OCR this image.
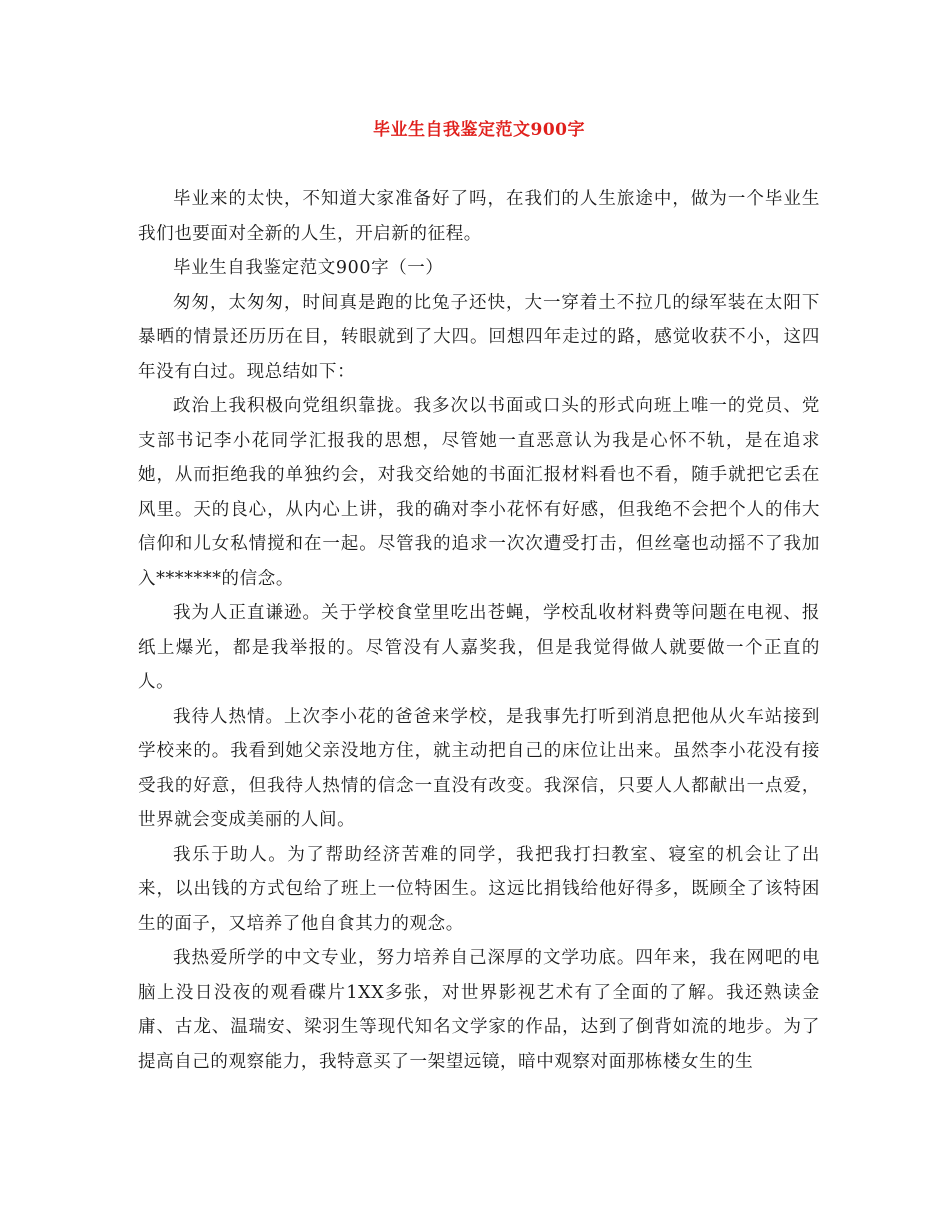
毕业生自我鉴定范文900字

毕业来的太快，不知道大家准备好了吗，在我们的人生旅途中，做为一个毕业生我们也要面对全新的人生，开启新的征程。

毕业生自我鉴定范文900字（一）

匆匆，太匆匆，时间真是跑的比兔子还快，大一穿着土不拉几的绿军装在太阳下暴晒的情景还历历在目，转眼就到了大四。回想四年走过的路，感觉收获不小，这四年没有白过。现总结如下：

政治上我积极向党组织靠拢。我多次以书面或口头的形式向班上唯一的党员、党支部书记李小花同学汇报我的思想，尽管她一直恶意认为我是心怀不轨，是在追求她，从而拒绝我的单独约会，对我交给她的书面汇报材料看也不看，随手就把它丢在风里。天的良心，从内心上讲，我的确对李小花怀有好感，但我绝不会把个人的伟大信仰和儿女私情搅和在一起。尽管我的追求一次次遭受打击，但丝毫也动摇不了我加入*******的信念。

我为人正直谦逊。关于学校食堂里吃出苍蝇，学校乱收材料费等问题在电视、报纸上爆光，都是我举报的。尽管没有人嘉奖我，但是我觉得做人就要做一个正直的人。

我待人热情。上次李小花的爸爸来学校，是我事先打听到消息把他从火车站接到学校来的。我看到她父亲没地方住，就主动把自己的床位让出来。虽然李小花没有接受我的好意，但我待人热情的信念一直没有改变。我深信，只要人人都献出一点爱，世界就会变成美丽的人间。

我乐于助人。为了帮助经济苦难的同学，我把我打扫教室、寝室的机会让了出来，以出钱的方式包给了班上一位特困生。这远比捐钱给他好得多，既顾全了该特困生的面子，又培养了他自食其力的观念。

我热爱所学的中文专业，努力培养自己深厚的文学功底。四年来，我在网吧的电脑上没日没夜的观看碟片1XX多张，对世界影视艺术有了全面的了解。我还熟读金庸、古龙、温瑞安、梁羽生等现代知名文学家的作品，达到了倒背如流的地步。为了提高自己的观察能力，我特意买了一架望远镜，暗中观察对面那栋楼女生的生
